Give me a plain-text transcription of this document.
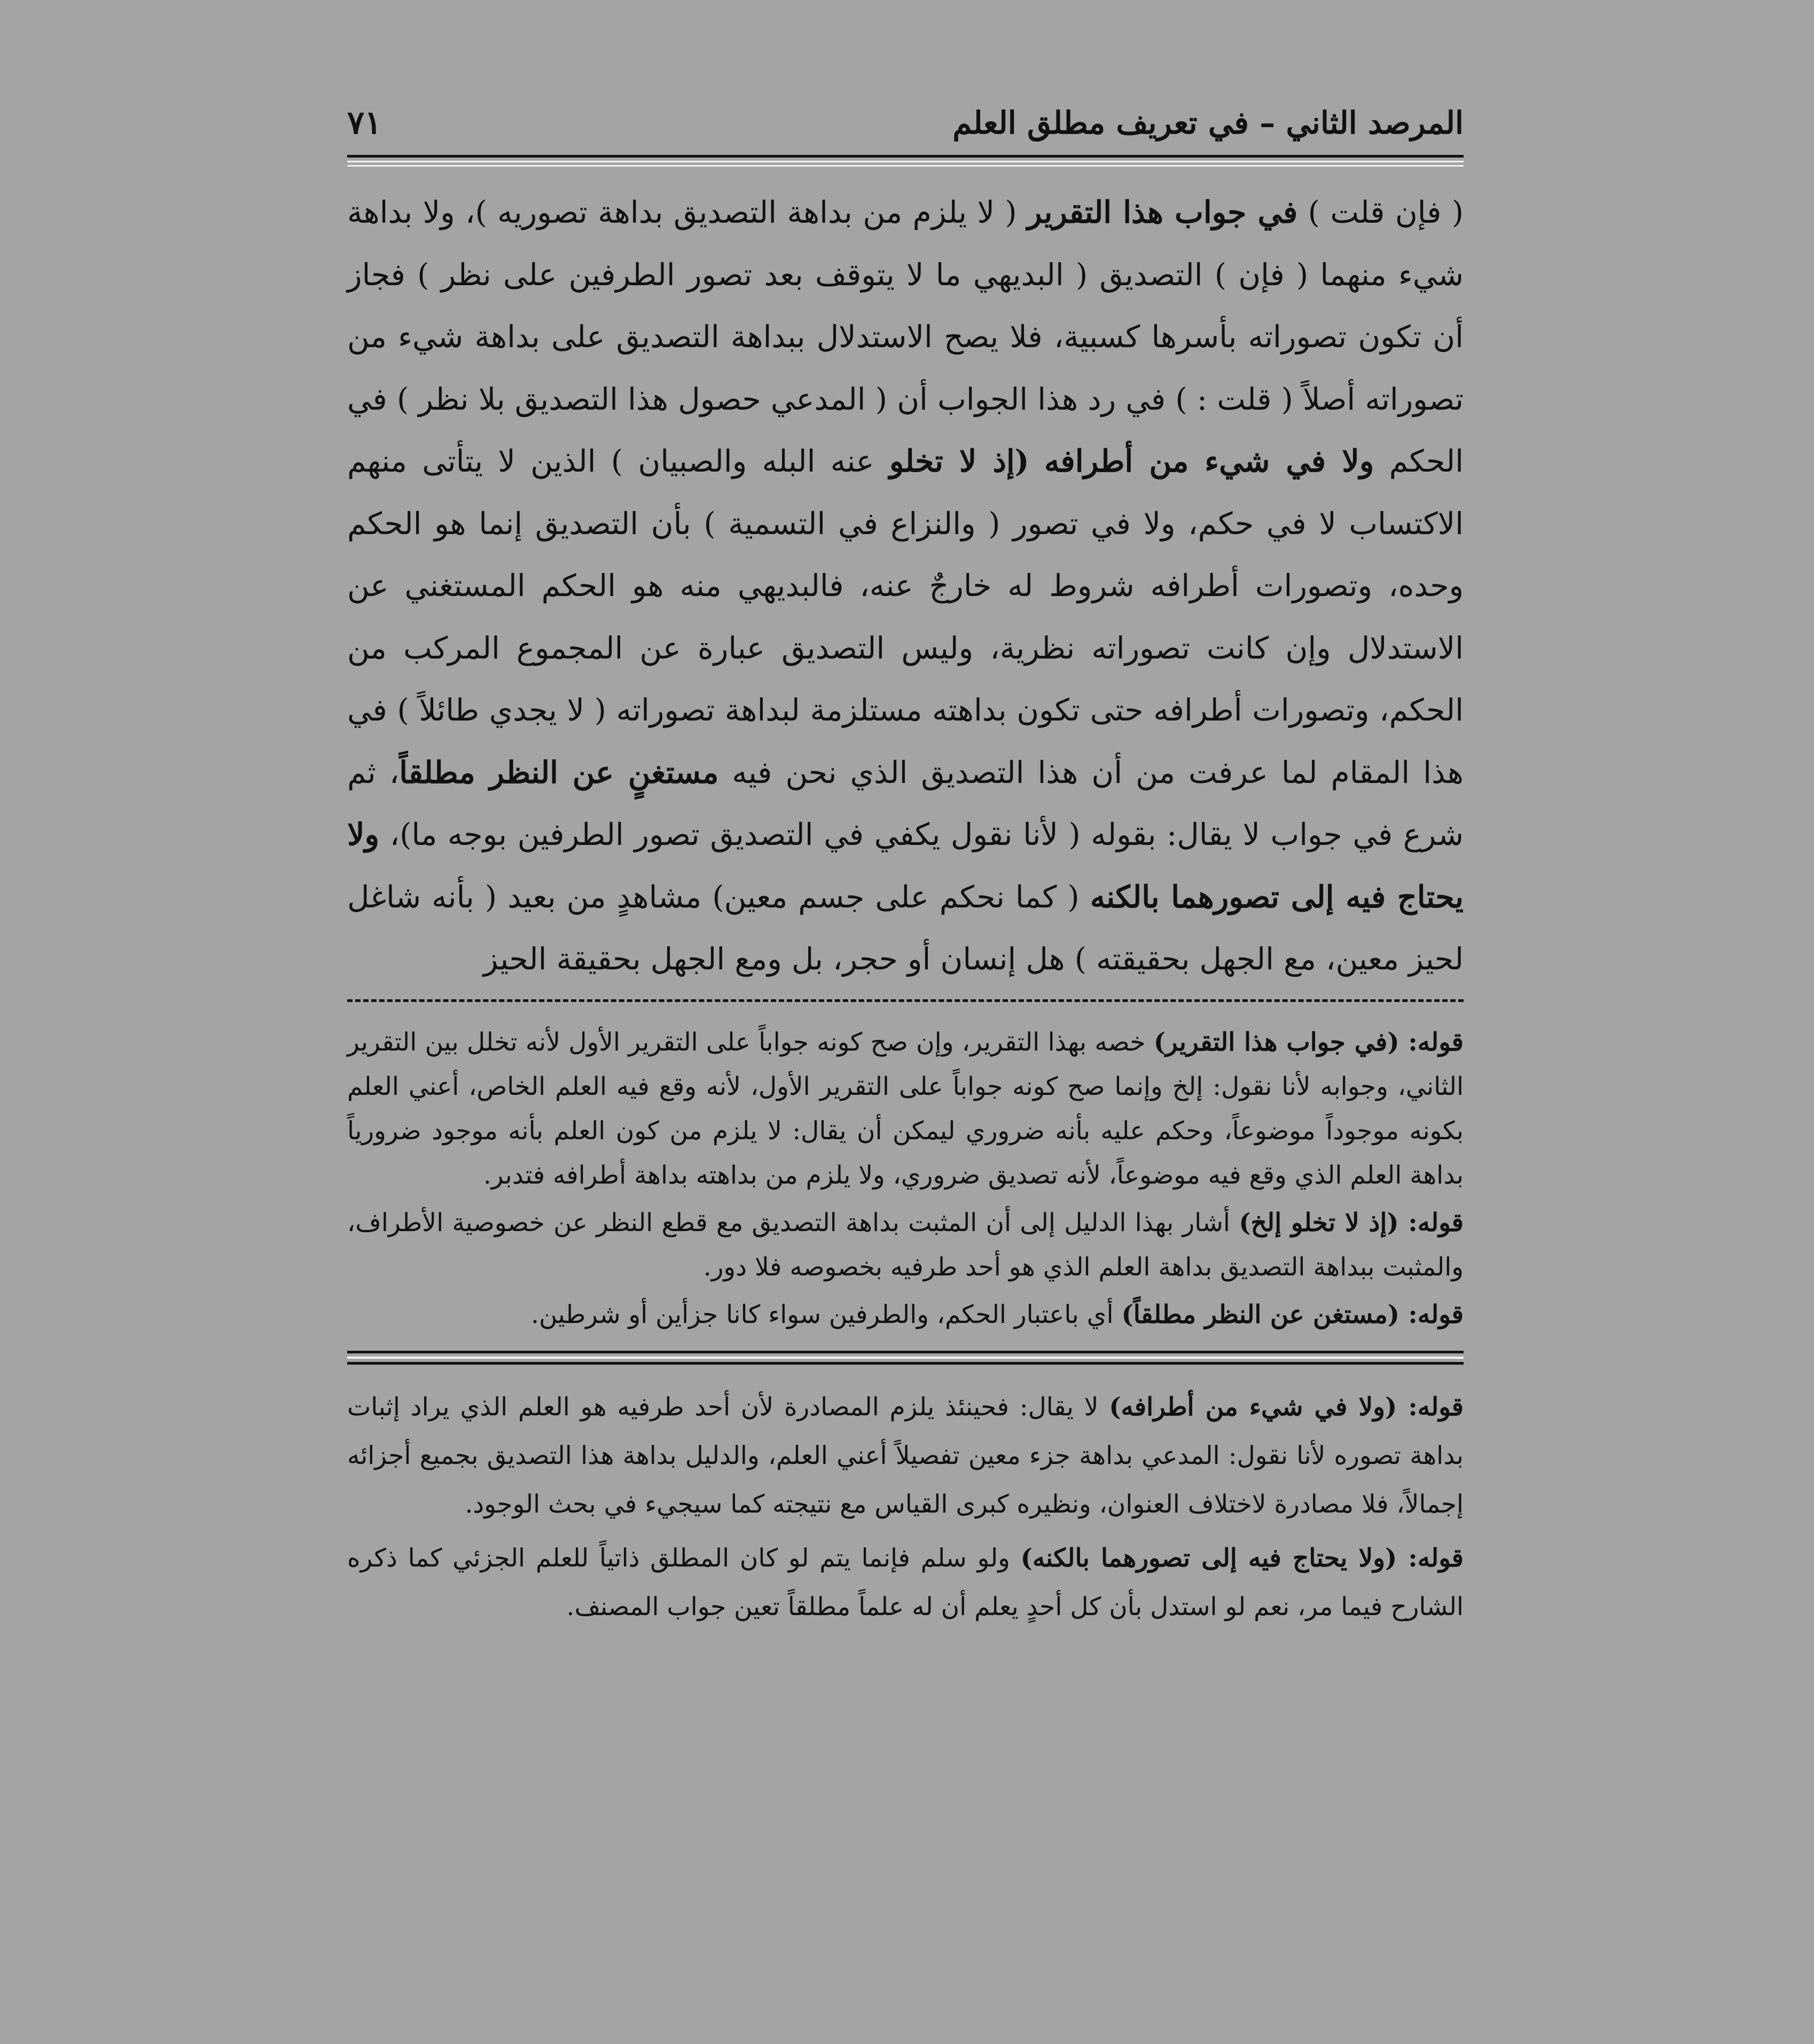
المرصد الثاني – في تعريف مطلق العلم
٧١
( فإن قلت ) في جواب هذا التقرير ( لا يلزم من بداهة التصديق بداهة تصوريه )، ولا بداهة شيء منهما ( فإن ) التصديق ( البديهي ما لا يتوقف بعد تصور الطرفين على نظر ) فجاز أن تكون تصوراته بأسرها كسبية، فلا يصح الاستدلال ببداهة التصديق على بداهة شيء من تصوراته أصلاً ( قلت : ) في رد هذا الجواب أن ( المدعي حصول هذا التصديق بلا نظر ) في الحكم ولا في شيء من أطرافه (إذ لا تخلو عنه البله والصبيان ) الذين لا يتأتى منهم الاكتساب لا في حكم، ولا في تصور ( والنزاع في التسمية ) بأن التصديق إنما هو الحكم وحده، وتصورات أطرافه شروط له خارجٌ عنه، فالبديهي منه هو الحكم المستغني عن الاستدلال وإن كانت تصوراته نظرية، وليس التصديق عبارة عن المجموع المركب من الحكم، وتصورات أطرافه حتى تكون بداهته مستلزمة لبداهة تصوراته ( لا يجدي طائلاً ) في هذا المقام لما عرفت من أن هذا التصديق الذي نحن فيه مستغنٍ عن النظر مطلقاً، ثم شرع في جواب لا يقال: بقوله ( لأنا نقول يكفي في التصديق تصور الطرفين بوجه ما)، ولا يحتاج فيه إلى تصورهما بالكنه ( كما نحكم على جسم معين) مشاهدٍ من بعيد ( بأنه شاغل لحيز معين، مع الجهل بحقيقته ) هل إنسان أو حجر، بل ومع الجهل بحقيقة الحيز

قوله: (في جواب هذا التقرير) خصه بهذا التقرير، وإن صح كونه جواباً على التقرير الأول لأنه تخلل بين التقرير الثاني، وجوابه لأنا نقول: إلخ وإنما صح كونه جواباً على التقرير الأول، لأنه وقع فيه العلم الخاص، أعني العلم بكونه موجوداً موضوعاً، وحكم عليه بأنه ضروري ليمكن أن يقال: لا يلزم من كون العلم بأنه موجود ضرورياً بداهة العلم الذي وقع فيه موضوعاً، لأنه تصديق ضروري، ولا يلزم من بداهته بداهة أطرافه فتدبر.

قوله: (إذ لا تخلو إلخ) أشار بهذا الدليل إلى أن المثبت بداهة التصديق مع قطع النظر عن خصوصية الأطراف، والمثبت ببداهة التصديق بداهة العلم الذي هو أحد طرفيه بخصوصه فلا دور.

قوله: (مستغن عن النظر مطلقاً) أي باعتبار الحكم، والطرفين سواء كانا جزأين أو شرطين.

قوله: (ولا في شيء من أطرافه) لا يقال: فحينئذ يلزم المصادرة لأن أحد طرفيه هو العلم الذي يراد إثبات بداهة تصوره لأنا نقول: المدعي بداهة جزء معين تفصيلاً أعني العلم، والدليل بداهة هذا التصديق بجميع أجزائه إجمالاً، فلا مصادرة لاختلاف العنوان، ونظيره كبرى القياس مع نتيجته كما سيجيء في بحث الوجود.

قوله: (ولا يحتاج فيه إلى تصورهما بالكنه) ولو سلم فإنما يتم لو كان المطلق ذاتياً للعلم الجزئي كما ذكره الشارح فيما مر، نعم لو استدل بأن كل أحدٍ يعلم أن له علماً مطلقاً تعين جواب المصنف.
